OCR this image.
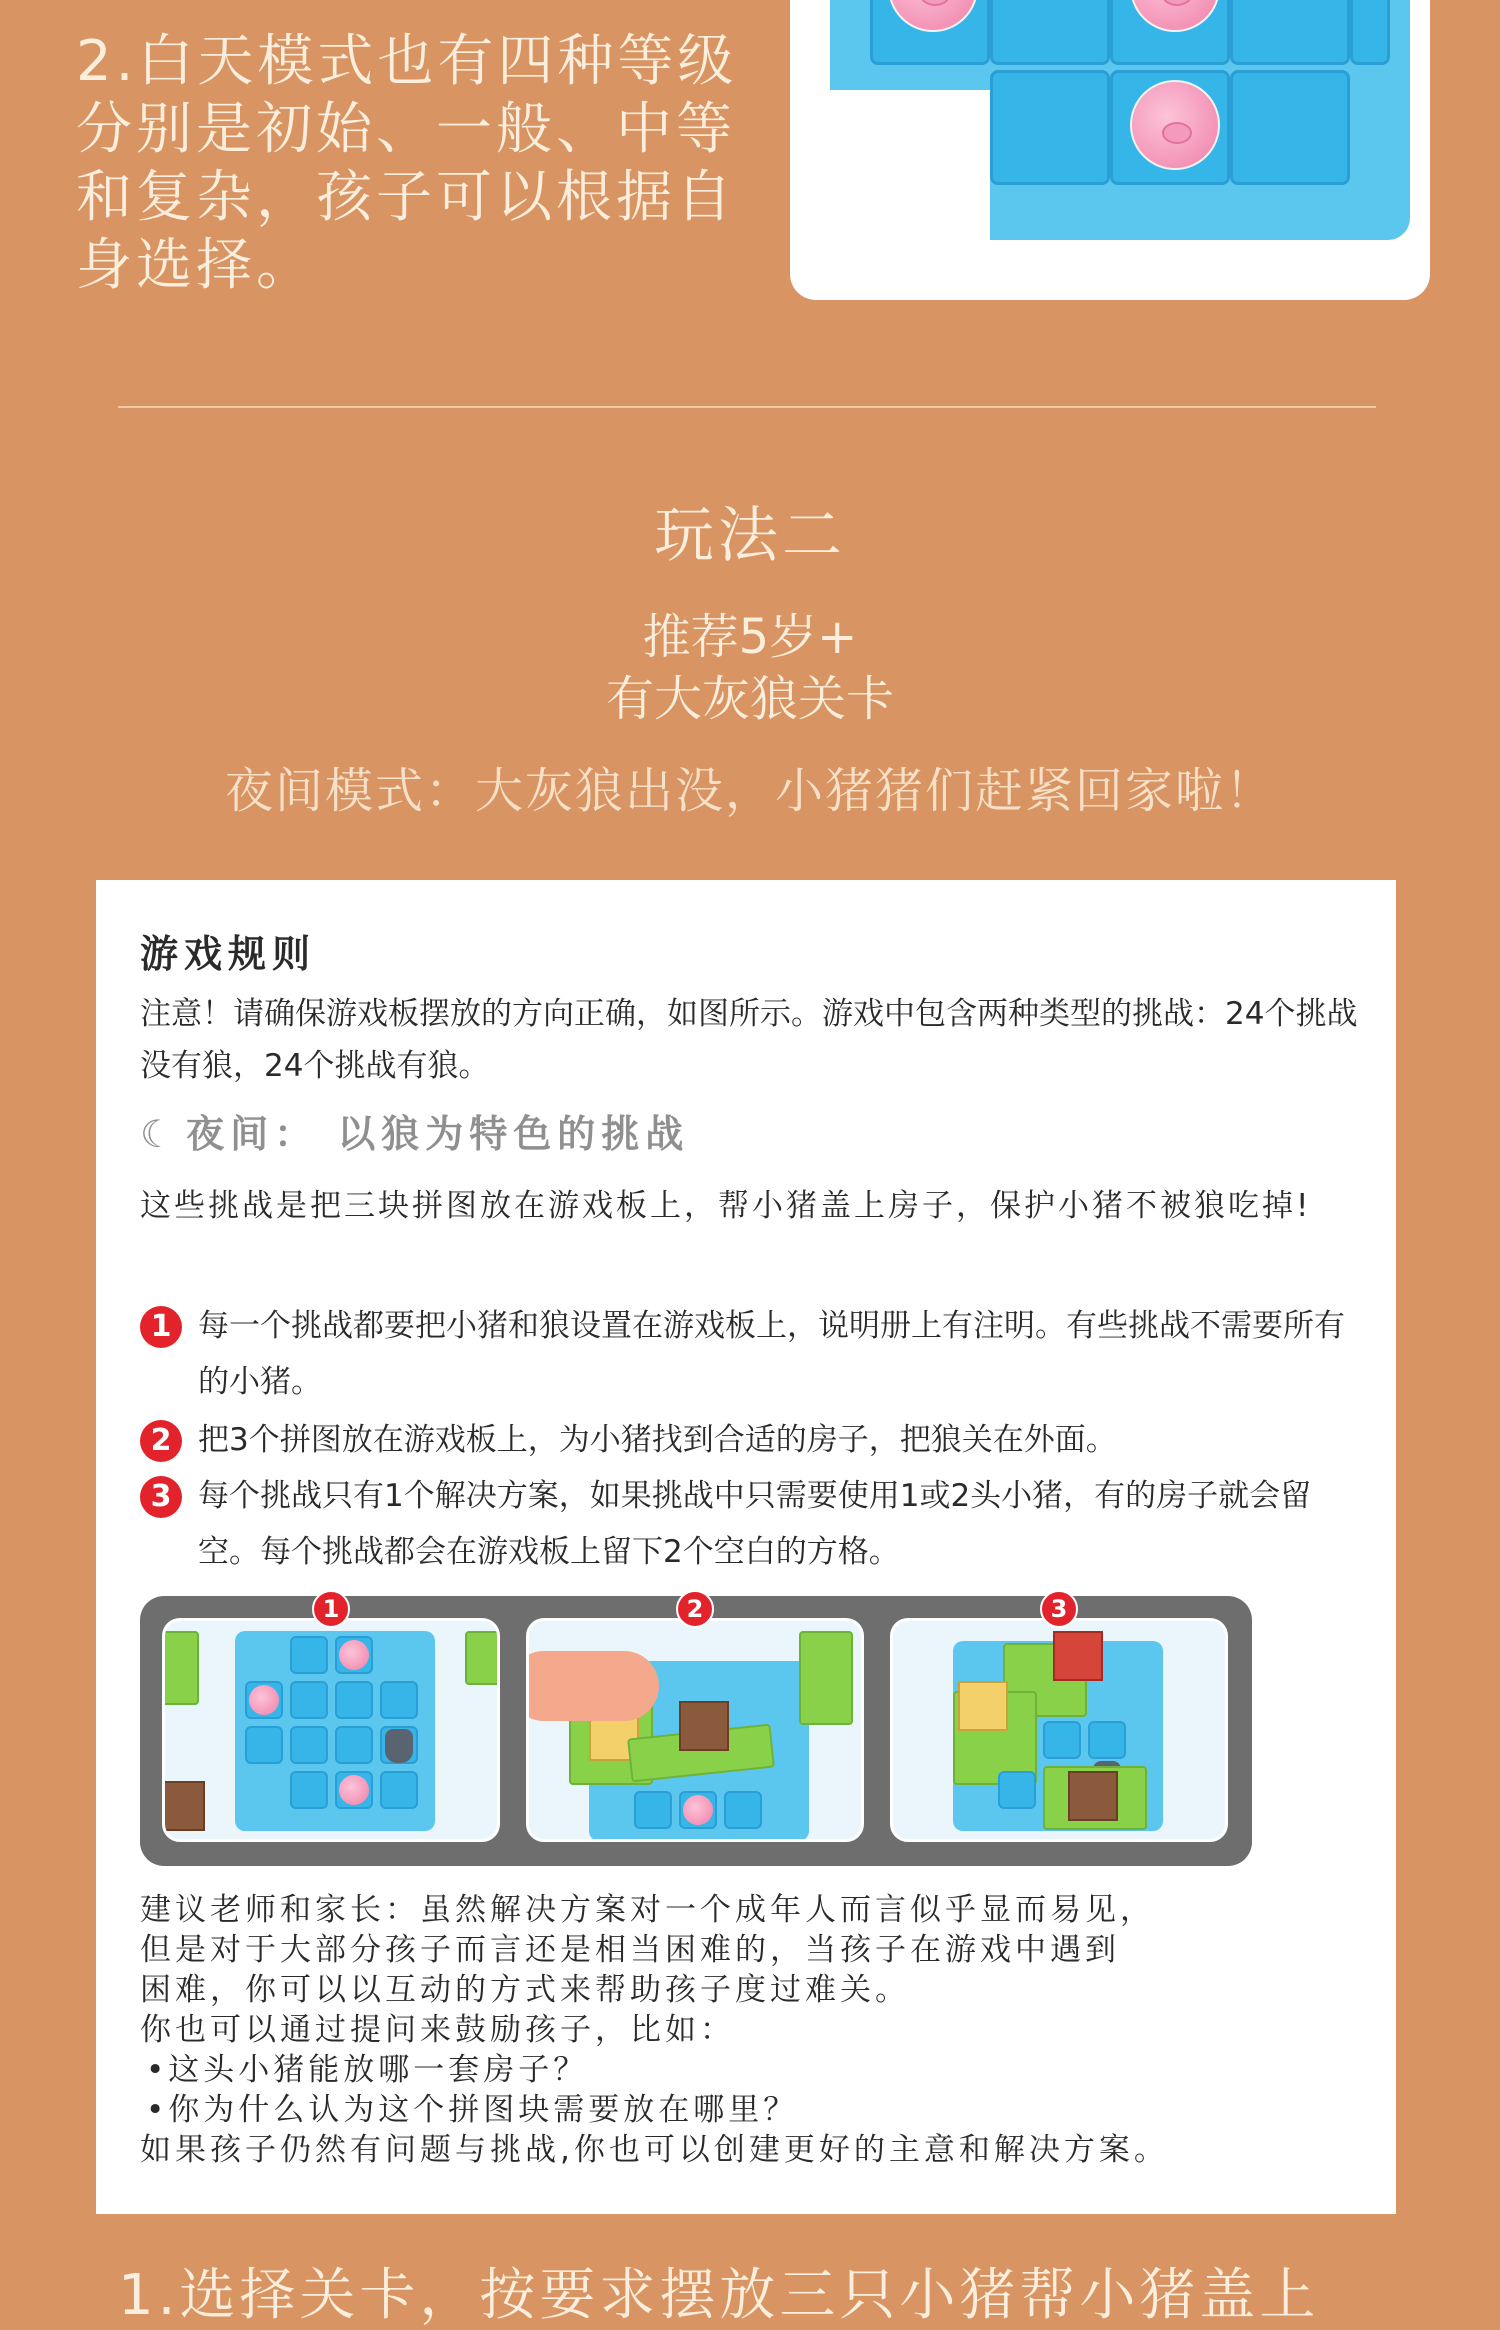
2.白天模式也有四种等级分别是初始、一般、中等和复杂，孩子可以根据自身选择。
玩法二
推荐5岁+
有大灰狼关卡
夜间模式：大灰狼出没，小猪猪们赶紧回家啦！
游戏规则
注意！请确保游戏板摆放的方向正确，如图所示。游戏中包含两种类型的挑战：24个挑战没有狼，24个挑战有狼。
☾ 夜间： 以狼为特色的挑战
这些挑战是把三块拼图放在游戏板上，帮小猪盖上房子，保护小猪不被狼吃掉!
1 每一个挑战都要把小猪和狼设置在游戏板上，说明册上有注明。有些挑战不需要所有的小猪。
2 把3个拼图放在游戏板上，为小猪找到合适的房子，把狼关在外面。
3 每个挑战只有1个解决方案，如果挑战中只需要使用1或2头小猪，有的房子就会留空。每个挑战都会在游戏板上留下2个空白的方格。
1	2	3

建议老师和家长：虽然解决方案对一个成年人而言似乎显而易见，

但是对于大部分孩子而言还是相当困难的，当孩子在游戏中遇到

困难，你可以以互动的方式来帮助孩子度过难关。

你也可以通过提问来鼓励孩子，比如：

•这头小猪能放哪一套房子？

•你为什么认为这个拼图块需要放在哪里？

如果孩子仍然有问题与挑战,你也可以创建更好的主意和解决方案。

1.选择关卡，按要求摆放三只小猪帮小猪盖上
